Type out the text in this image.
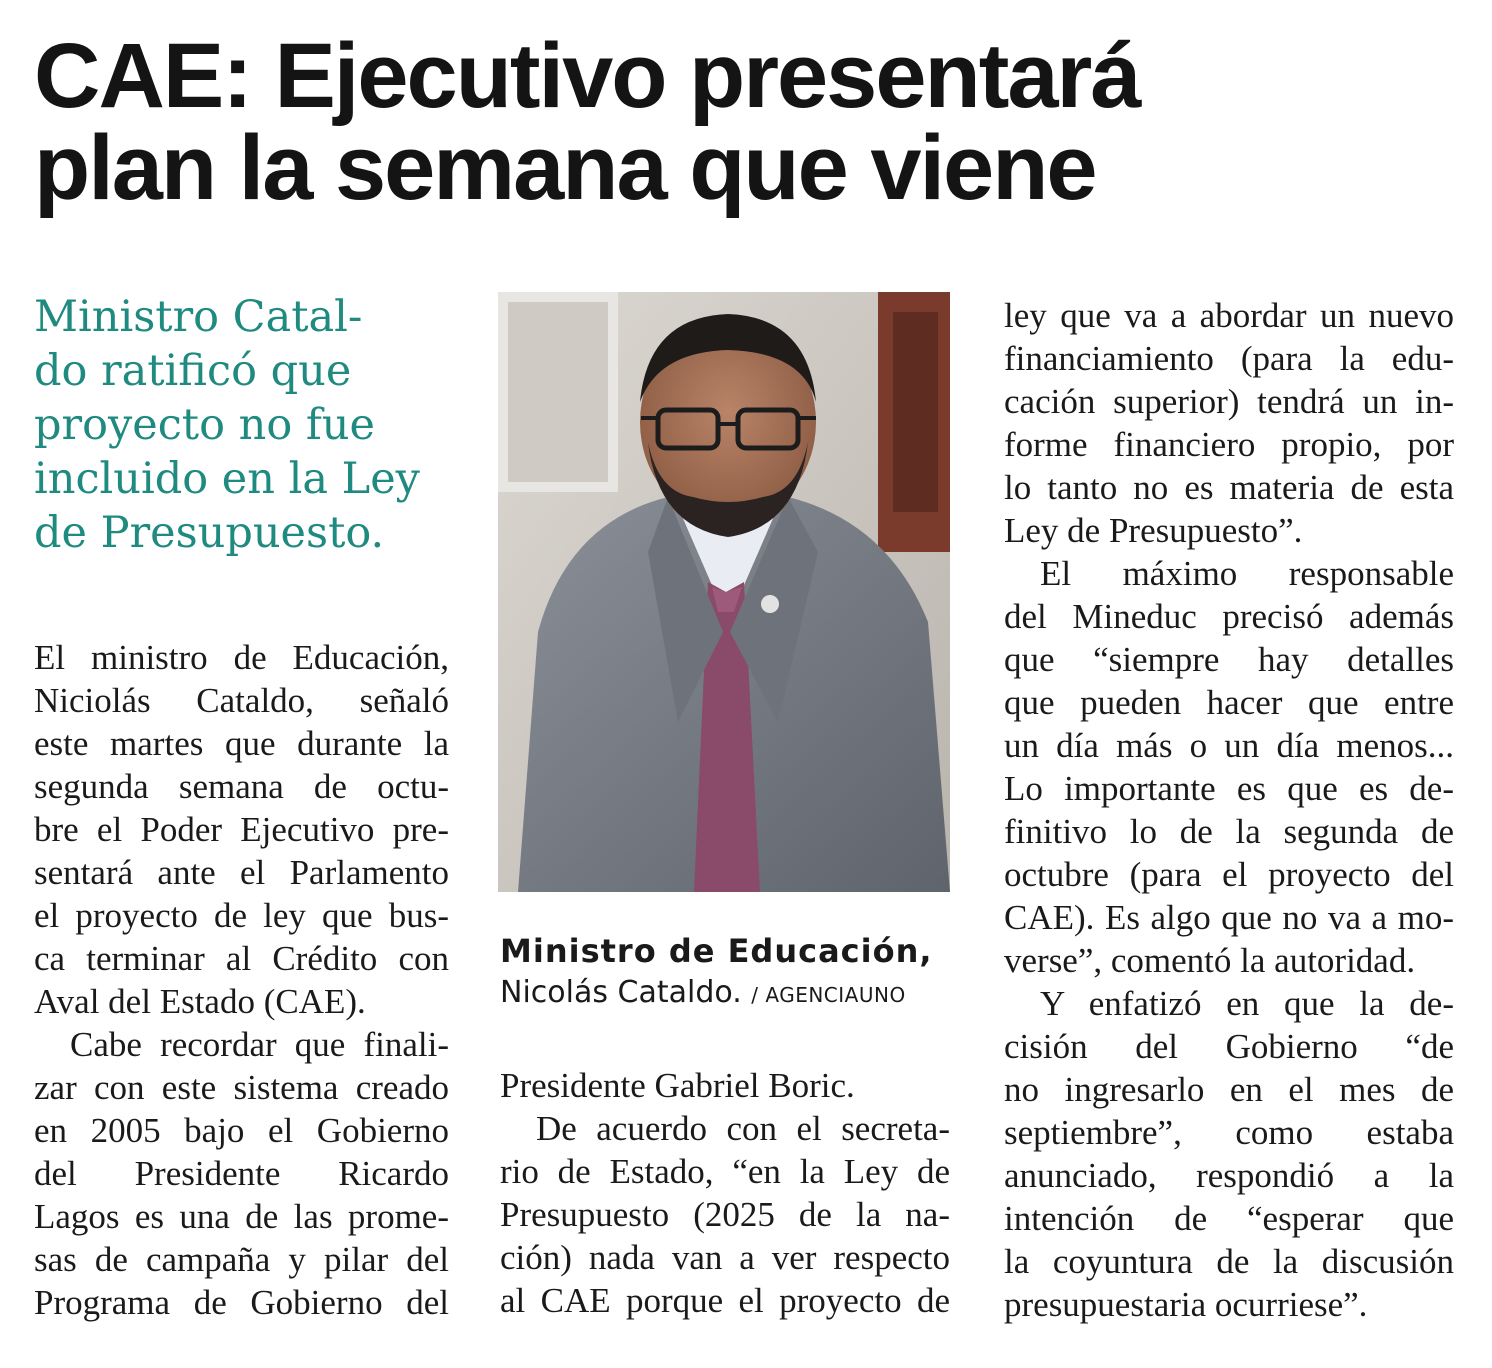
CAE: Ejecutivo presentará
plan la semana que viene
Ministro Catal-
do ratificó que
proyecto no fue
incluido en la Ley
de Presupuesto.
El ministro de Educación,
Niciolás Cataldo, señaló
este martes que durante la
segunda semana de octu-
bre el Poder Ejecutivo pre-
sentará ante el Parlamento
el proyecto de ley que bus-
ca terminar al Crédito con
Aval del Estado (CAE).
Cabe recordar que finali-
zar con este sistema creado
en 2005 bajo el Gobierno
del Presidente Ricardo
Lagos es una de las prome-
sas de campaña y pilar del
Programa de Gobierno del
Ministro de Educación,
Nicolás Cataldo. / AGENCIAUNO
Presidente Gabriel Boric.
De acuerdo con el secreta-
rio de Estado, “en la Ley de
Presupuesto (2025 de la na-
ción) nada van a ver respecto
al CAE porque el proyecto de
ley que va a abordar un nuevo
financiamiento (para la edu-
cación superior) tendrá un in-
forme financiero propio, por
lo tanto no es materia de esta
Ley de Presupuesto”.
El máximo responsable
del Mineduc precisó además
que “siempre hay detalles
que pueden hacer que entre
un día más o un día menos...
Lo importante es que es de-
finitivo lo de la segunda de
octubre (para el proyecto del
CAE). Es algo que no va a mo-
verse”, comentó la autoridad.
Y enfatizó en que la de-
cisión del Gobierno “de
no ingresarlo en el mes de
septiembre”, como estaba
anunciado, respondió a la
intención de “esperar que
la coyuntura de la discusión
presupuestaria ocurriese”.
